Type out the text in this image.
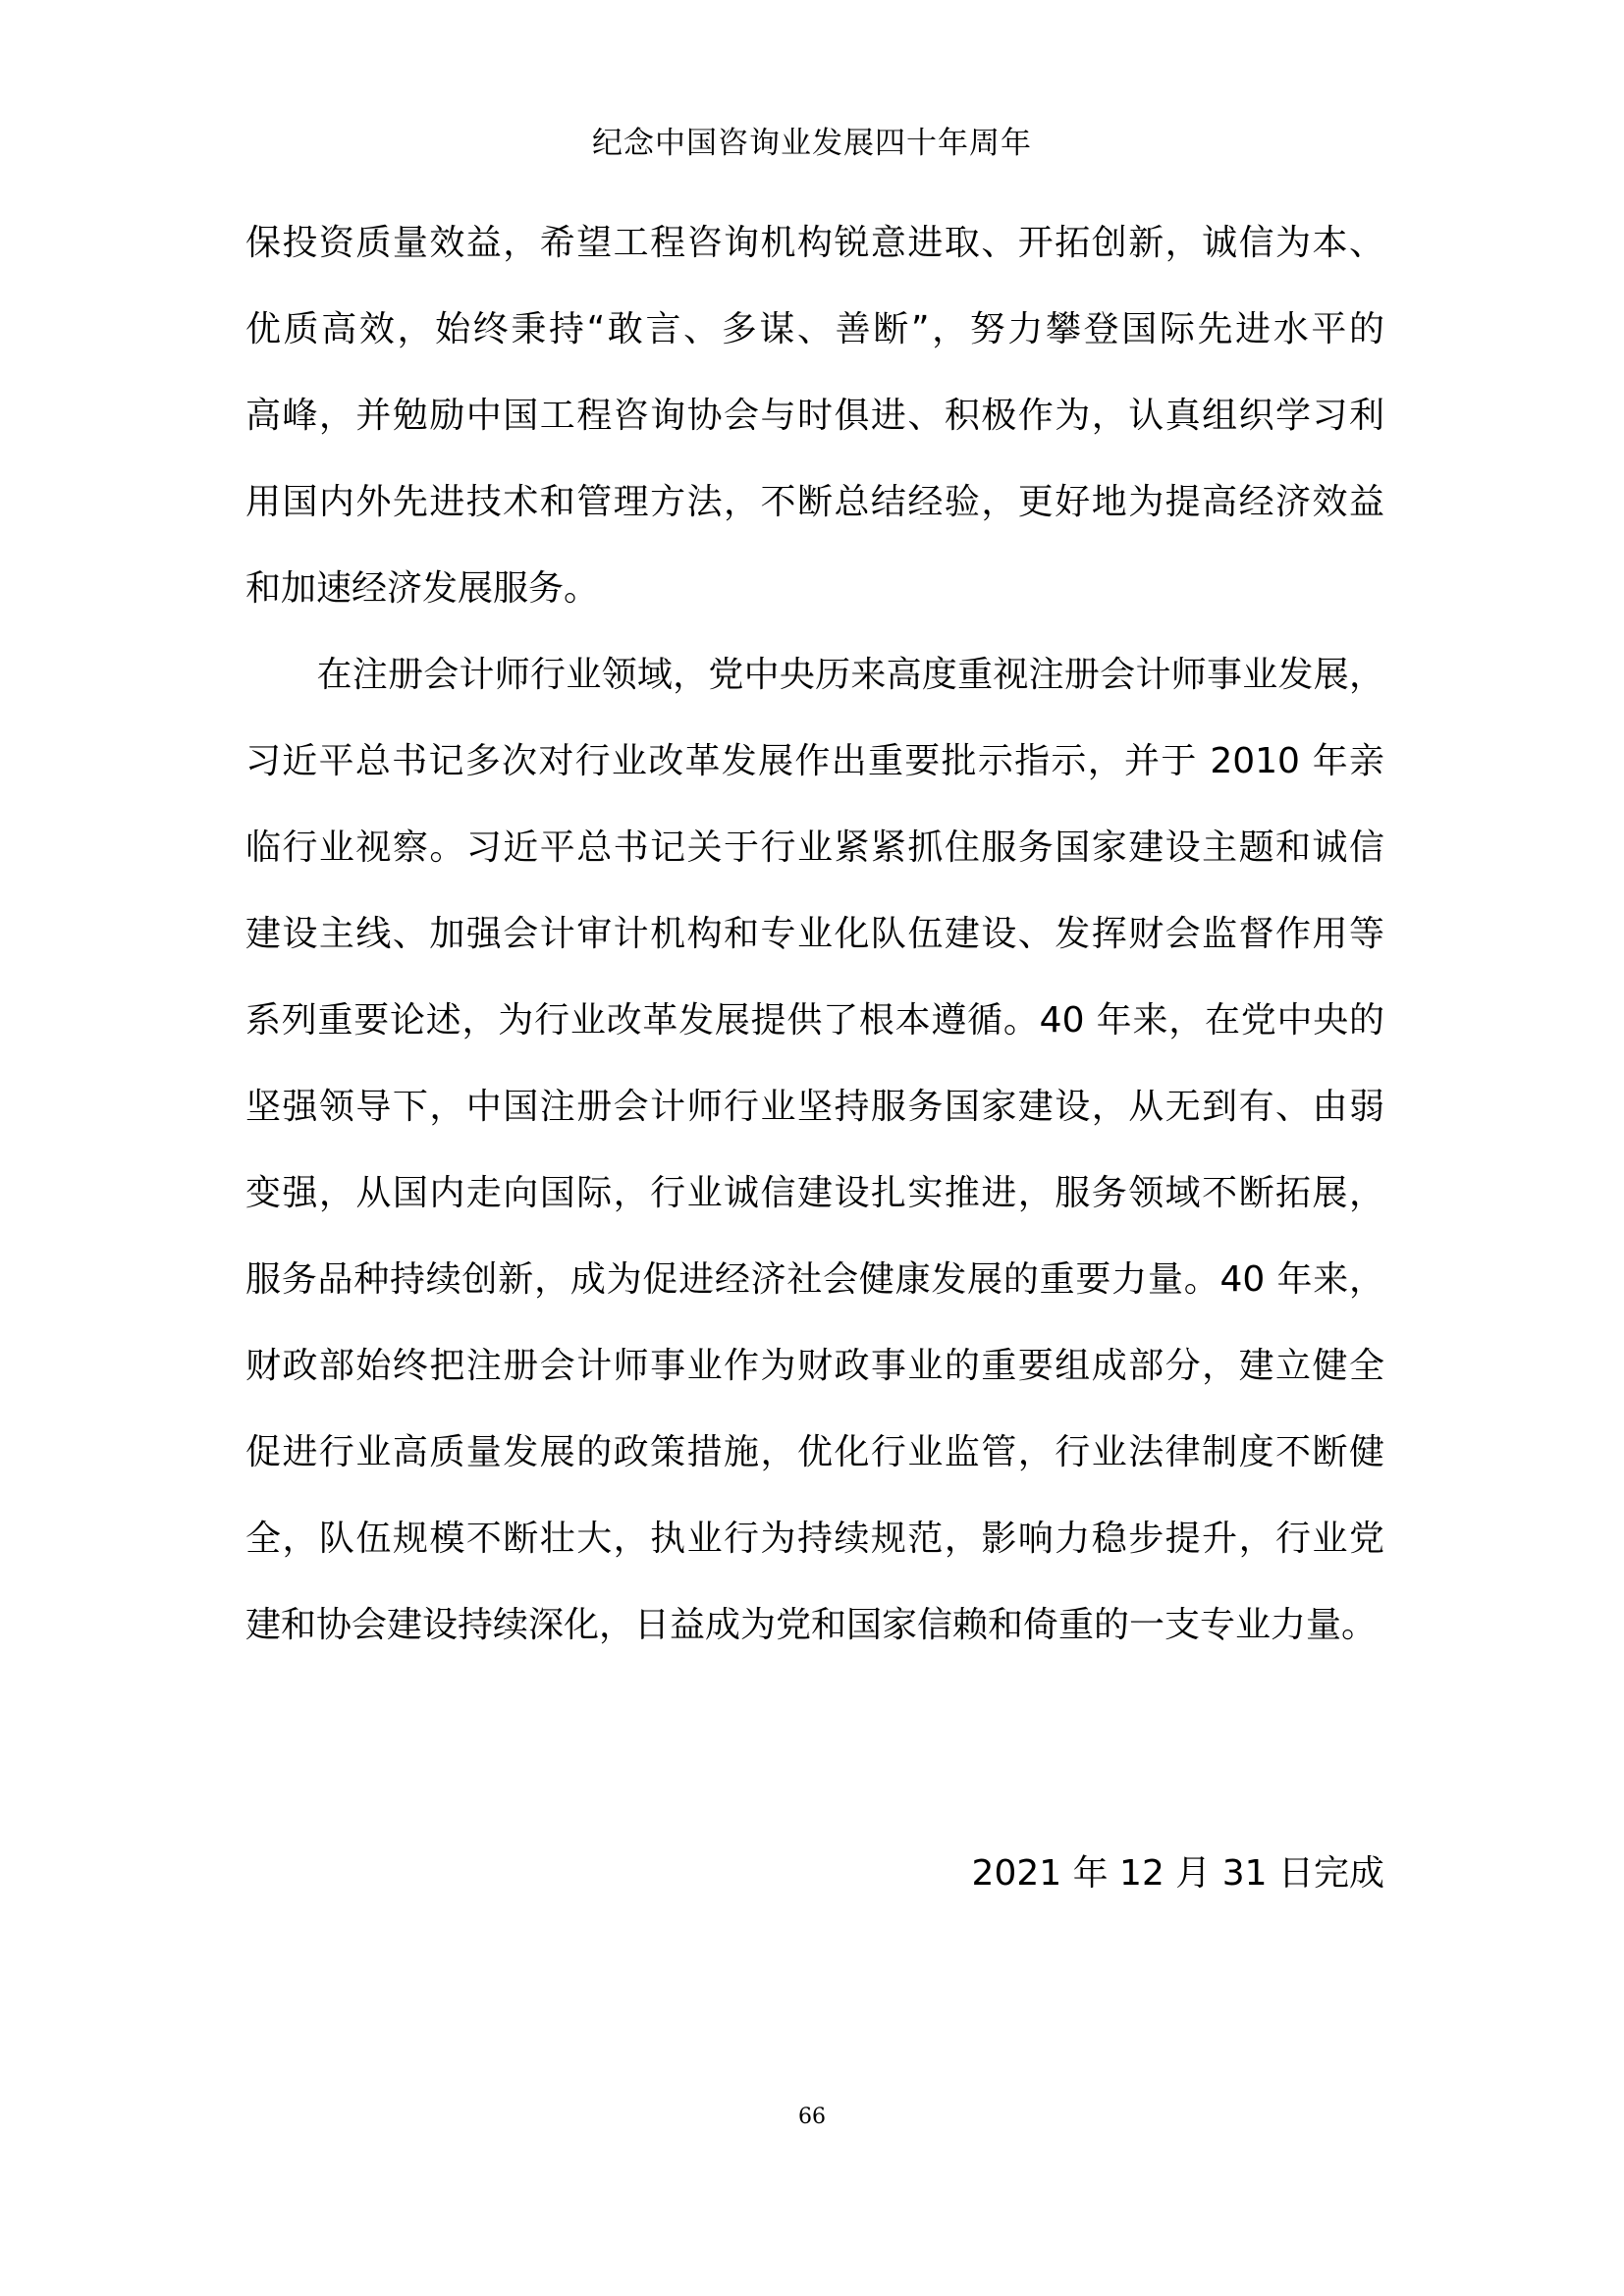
纪念中国咨询业发展四十年周年
保投资质量效益，希望工程咨询机构锐意进取、开拓创新，诚信为本、
优质高效，始终秉持“敢言、多谋、善断”，努力攀登国际先进水平的
高峰，并勉励中国工程咨询协会与时俱进、积极作为，认真组织学习利
用国内外先进技术和管理方法，不断总结经验，更好地为提高经济效益
和加速经济发展服务。
　　在注册会计师行业领域，党中央历来高度重视注册会计师事业发展，
习近平总书记多次对行业改革发展作出重要批示指示，并于 2010 年亲
临行业视察。习近平总书记关于行业紧紧抓住服务国家建设主题和诚信
建设主线、加强会计审计机构和专业化队伍建设、发挥财会监督作用等
系列重要论述，为行业改革发展提供了根本遵循。40 年来，在党中央的
坚强领导下，中国注册会计师行业坚持服务国家建设，从无到有、由弱
变强，从国内走向国际，行业诚信建设扎实推进，服务领域不断拓展，
服务品种持续创新，成为促进经济社会健康发展的重要力量。40 年来，
财政部始终把注册会计师事业作为财政事业的重要组成部分，建立健全
促进行业高质量发展的政策措施，优化行业监管，行业法律制度不断健
全，队伍规模不断壮大，执业行为持续规范，影响力稳步提升，行业党
建和协会建设持续深化，日益成为党和国家信赖和倚重的一支专业力量。
2021 年 12 月 31 日完成
66
